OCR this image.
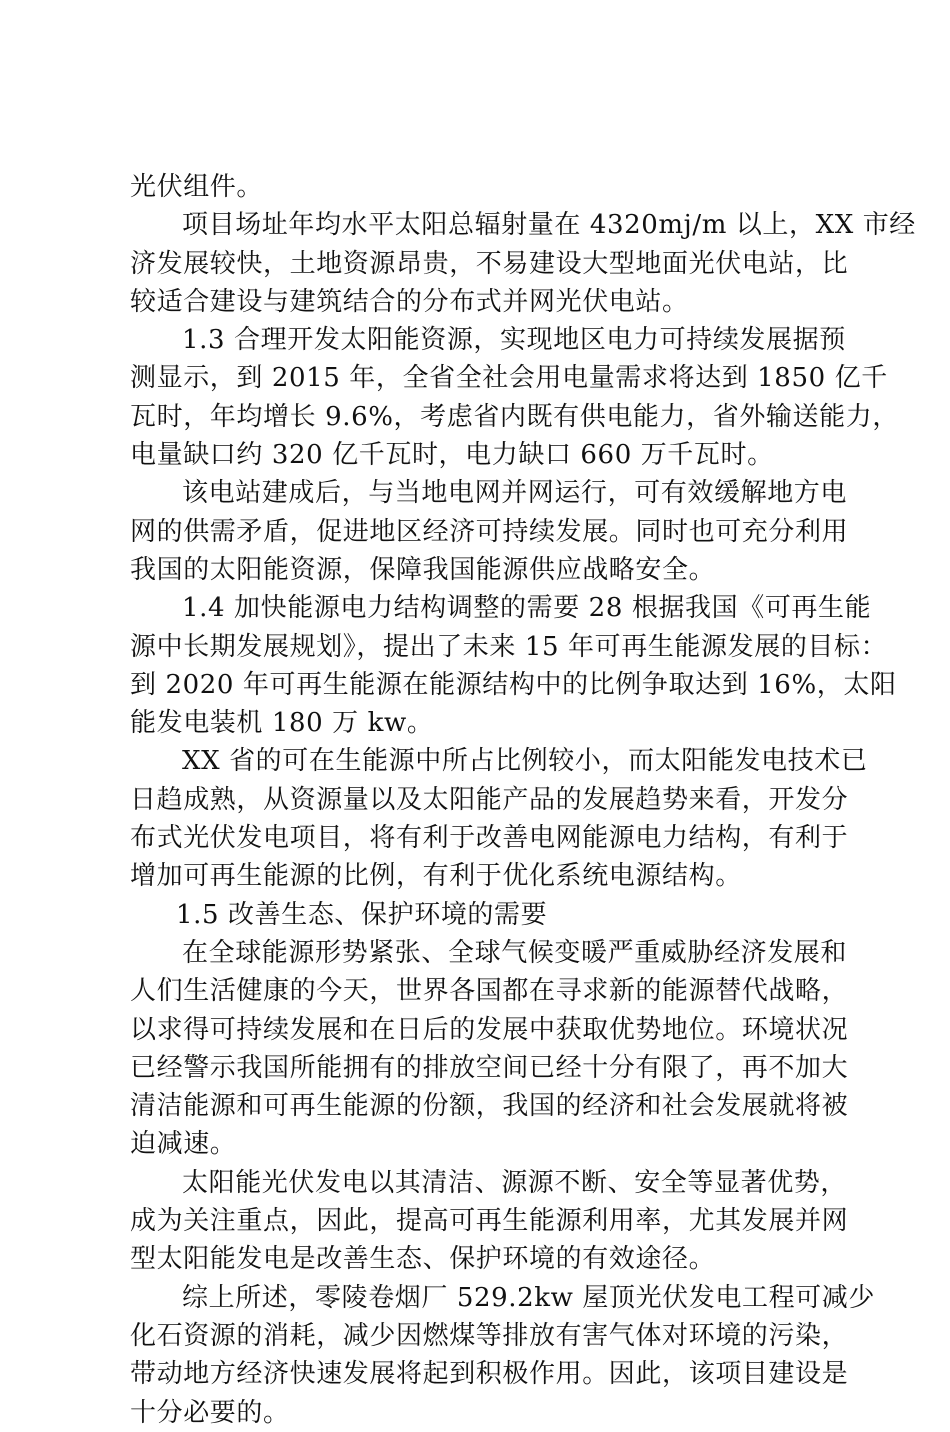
光伏组件。
项目场址年均水平太阳总辐射量在 4320mj/m 以上，XX 市经
济发展较快，土地资源昂贵，不易建设大型地面光伏电站，比
较适合建设与建筑结合的分布式并网光伏电站。
1.3 合理开发太阳能资源，实现地区电力可持续发展据预
测显示，到 2015 年，全省全社会用电量需求将达到 1850 亿千
瓦时，年均增长 9.6%，考虑省内既有供电能力，省外输送能力，
电量缺口约 320 亿千瓦时，电力缺口 660 万千瓦时。
该电站建成后，与当地电网并网运行，可有效缓解地方电
网的供需矛盾，促进地区经济可持续发展。同时也可充分利用
我国的太阳能资源，保障我国能源供应战略安全。
1.4 加快能源电力结构调整的需要 28 根据我国《可再生能
源中长期发展规划》，提出了未来 15 年可再生能源发展的目标：
到 2020 年可再生能源在能源结构中的比例争取达到 16%，太阳
能发电装机 180 万 kw。
XX 省的可在生能源中所占比例较小，而太阳能发电技术已
日趋成熟，从资源量以及太阳能产品的发展趋势来看，开发分
布式光伏发电项目，将有利于改善电网能源电力结构，有利于
增加可再生能源的比例，有利于优化系统电源结构。
1.5 改善生态、保护环境的需要
在全球能源形势紧张、全球气候变暖严重威胁经济发展和
人们生活健康的今天，世界各国都在寻求新的能源替代战略，
以求得可持续发展和在日后的发展中获取优势地位。环境状况
已经警示我国所能拥有的排放空间已经十分有限了，再不加大
清洁能源和可再生能源的份额，我国的经济和社会发展就将被
迫减速。
太阳能光伏发电以其清洁、源源不断、安全等显著优势，
成为关注重点，因此，提高可再生能源利用率，尤其发展并网
型太阳能发电是改善生态、保护环境的有效途径。
综上所述，零陵卷烟厂 529.2kw 屋顶光伏发电工程可减少
化石资源的消耗，减少因燃煤等排放有害气体对环境的污染，
带动地方经济快速发展将起到积极作用。因此，该项目建设是
十分必要的。
